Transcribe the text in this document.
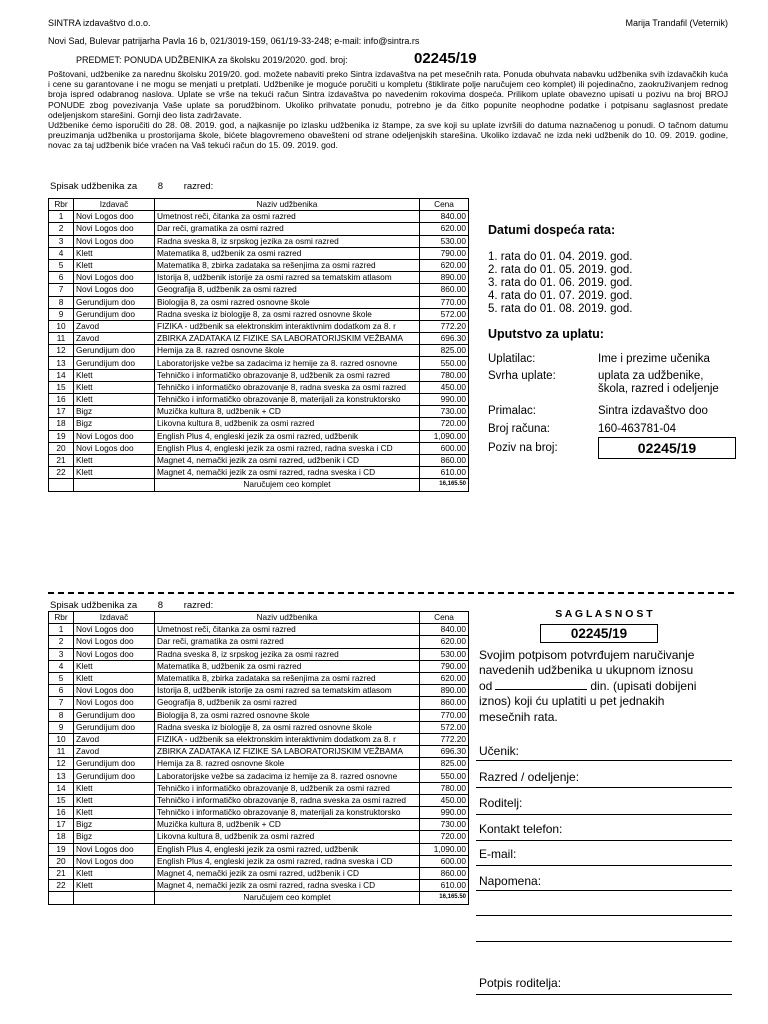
SINTRA izdavaštvo d.o.o.	Marija Trandafil (Veternik)
Novi Sad, Bulevar patrijarha Pavla 16 b, 021/3019-159, 061/19-33-248; e-mail: info@sintra.rs
PREDMET: PONUDA UDŽBENIKA za školsku 2019/2020. god. broj:	02245/19

Poštovani, udžbenike za narednu školsku 2019/20. god. možete nabaviti preko Sintra izdavaštva na pet mesečnih rata. Ponuda obuhvata nabavku udžbenika svih izdavačkih kuća i cene su garantovane i ne mogu se menjati u pretplati. Udžbenike je moguće poručiti u kompletu (štiklirate polje naručujem ceo komplet) ili pojedinačno, zaokruživanjem rednog broja ispred odabranog naslova. Uplate se vrše na tekući račun Sintra izdavaštva po navedenim rokovima dospeća. Prilikom uplate obavezno upisati u pozivu na broj BROJ PONUDE zbog povezivanja Vaše uplate sa porudžbinom. Ukoliko prihvatate ponudu, potrebno je da čitko popunite neophodne podatke i potpisanu saglasnost predate odeljenjskom starešini. Gornji deo lista zadržavate.

Udžbenike ćemo isporučiti do 28. 08. 2019. god, a najkasnije po izlasku udžbenika iz štampe, za sve koji su uplate izvršili do datuma naznačenog u ponudi. O tačnom datumu preuzimanja udžbenika u prostorijama škole, bićete blagovremeno obavešteni od strane odeljenjskih starešina. Ukoliko izdavač ne izda neki udžbenik do 10. 09. 2019. godine, novac za taj udžbenik biće vraćen na Vaš tekući račun do 15. 09. 2019. god.

Spisak udžbenika za 8 razred:
Rbr	Izdavač	Naziv udžbenika	Cena
1	Novi Logos doo	Umetnost reči, čitanka za osmi razred	840.00
2	Novi Logos doo	Dar reči, gramatika za osmi razred	620.00
3	Novi Logos doo	Radna sveska 8, iz srpskog jezika za osmi razred	530.00
4	Klett	Matematika 8, udžbenik za osmi razred	790.00
5	Klett	Matematika 8, zbirka zadataka sa rešenjima za osmi razred	620.00
6	Novi Logos doo	Istorija 8, udžbenik istorije za osmi razred sa tematskim atlasom	890.00
7	Novi Logos doo	Geografija 8, udžbenik za osmi razred	860.00
8	Gerundijum doo	Biologija 8, za osmi razred osnovne škole	770.00
9	Gerundijum doo	Radna sveska iz biologije 8, za osmi razred osnovne škole	572.00
10	Zavod	FIZIKA - udžbenik sa elektronskim interaktivnim dodatkom za 8. r	772.20
11	Zavod	ZBIRKA ZADATAKA IZ FIZIKE SA LABORATORIJSKIM VEŽBAMA	696.30
12	Gerundijum doo	Hemija za 8. razred osnovne škole	825.00
13	Gerundijum doo	Laboratorijske vežbe sa zadacima iz hemije za 8. razred osnovne	550.00
14	Klett	Tehničko i informatičko obrazovanje 8, udžbenik za osmi razred	780.00
15	Klett	Tehničko i informatičko obrazovanje 8, radna sveska za osmi razred	450.00
16	Klett	Tehničko i informatičko obrazovanje 8, materijali za konstruktorsko	990.00
17	Bigz	Muzička kultura 8, udžbenik + CD	730.00
18	Bigz	Likovna kultura 8, udžbenik za osmi razred	720.00
19	Novi Logos doo	English Plus 4, engleski jezik za osmi razred, udžbenik	1,090.00
20	Novi Logos doo	English Plus 4, engleski jezik za osmi razred, radna sveska i CD	600.00
21	Klett	Magnet 4, nemački jezik za osmi razred, udžbenik i CD	860.00
22	Klett	Magnet 4, nemački jezik za osmi razred, radna sveska i CD	610.00
		Naručujem ceo komplet	16,165.50
Datumi dospeća rata:
1. rata do 01. 04. 2019. god.
2. rata do 01. 05. 2019. god.
3. rata do 01. 06. 2019. god.
4. rata do 01. 07. 2019. god.
5. rata do 01. 08. 2019. god.
Uputstvo za uplatu:
Uplatilac:	Ime i prezime učenika
Svrha uplate:	uplata za udžbenike,
škola, razred i odeljenje
Primalac:	Sintra izdavaštvo doo
Broj računa:	160-463781-04
Poziv na broj:	02245/19
Spisak udžbenika za 8 razred:
Rbr	Izdavač	Naziv udžbenika	Cena
1	Novi Logos doo	Umetnost reči, čitanka za osmi razred	840.00
2	Novi Logos doo	Dar reči, gramatika za osmi razred	620.00
3	Novi Logos doo	Radna sveska 8, iz srpskog jezika za osmi razred	530.00
4	Klett	Matematika 8, udžbenik za osmi razred	790.00
5	Klett	Matematika 8, zbirka zadataka sa rešenjima za osmi razred	620.00
6	Novi Logos doo	Istorija 8, udžbenik istorije za osmi razred sa tematskim atlasom	890.00
7	Novi Logos doo	Geografija 8, udžbenik za osmi razred	860.00
8	Gerundijum doo	Biologija 8, za osmi razred osnovne škole	770.00
9	Gerundijum doo	Radna sveska iz biologije 8, za osmi razred osnovne škole	572.00
10	Zavod	FIZIKA - udžbenik sa elektronskim interaktivnim dodatkom za 8. r	772.20
11	Zavod	ZBIRKA ZADATAKA IZ FIZIKE SA LABORATORIJSKIM VEŽBAMA	696.30
12	Gerundijum doo	Hemija za 8. razred osnovne škole	825.00
13	Gerundijum doo	Laboratorijske vežbe sa zadacima iz hemije za 8. razred osnovne	550.00
14	Klett	Tehničko i informatičko obrazovanje 8, udžbenik za osmi razred	780.00
15	Klett	Tehničko i informatičko obrazovanje 8, radna sveska za osmi razred	450.00
16	Klett	Tehničko i informatičko obrazovanje 8, materijali za konstruktorsko	990.00
17	Bigz	Muzička kultura 8, udžbenik + CD	730.00
18	Bigz	Likovna kultura 8, udžbenik za osmi razred	720.00
19	Novi Logos doo	English Plus 4, engleski jezik za osmi razred, udžbenik	1,090.00
20	Novi Logos doo	English Plus 4, engleski jezik za osmi razred, radna sveska i CD	600.00
21	Klett	Magnet 4, nemački jezik za osmi razred, udžbenik i CD	860.00
22	Klett	Magnet 4, nemački jezik za osmi razred, radna sveska i CD	610.00
		Naručujem ceo komplet	16,165.50
S A G L A S N O S T
02245/19
Svojim potpisom potvrđujem naručivanje
navedenih udžbenika u ukupnom iznosu
od	din. (upisati dobijeni
iznos) koji ću uplatiti u pet jednakih
mesečnih rata.
Učenik:
Razred / odeljenje:
Roditelj:
Kontakt telefon:
E-mail:
Napomena:
Potpis roditelja:
